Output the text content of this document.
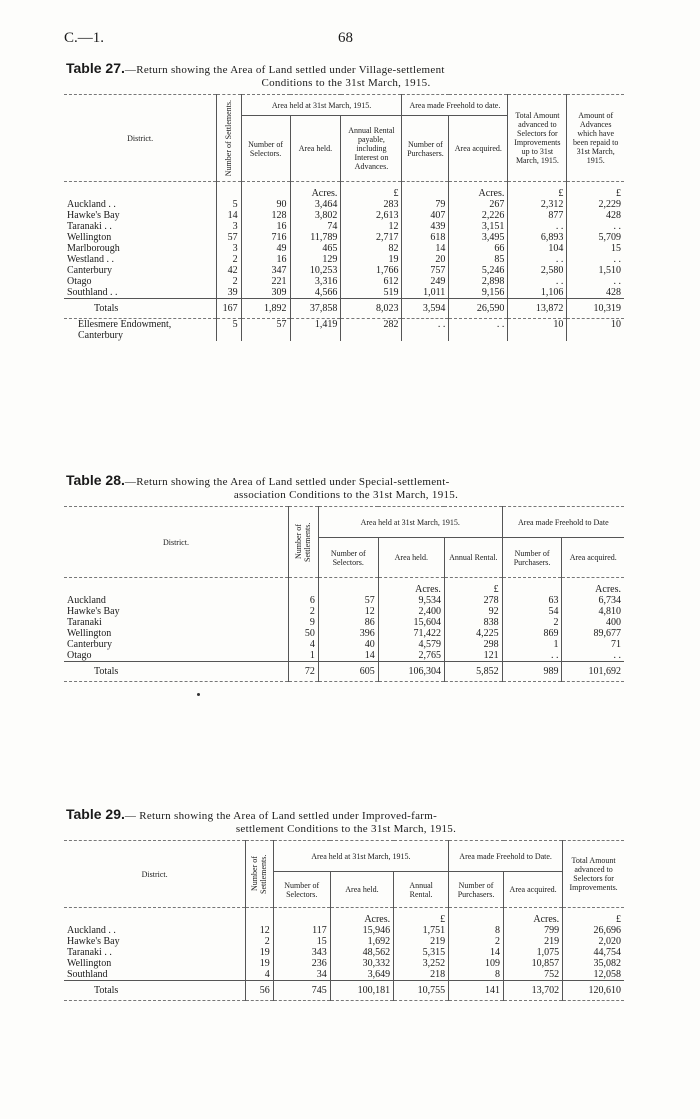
C.—1.	68
Table 27.—Return showing the Area of Land settled under Village-settlement
Conditions to the 31st March, 1915.
District.	Number of Settlements.	Area held at 31st March, 1915.			Area made Freehold to date.		Total Amount advanced to Selectors for Improvements up to 31st March, 1915.	Amount of Advances which have been repaid to 31st March, 1915.
		Number of Selectors.	Area held.	Annual Rental payable, including Interest on Advances.	Number of Purchasers.	Area acquired.		
			Acres.	£		Acres.	£	£
Auckland . .	5	90	3,464	283	79	267	2,312	2,229
Hawke's Bay	14	128	3,802	2,613	407	2,226	877	428
Taranaki . .	3	16	74	12	439	3,151	. .	. .
Wellington	57	716	11,789	2,717	618	3,495	6,893	5,709
Marlborough	3	49	465	82	14	66	104	15
Westland . .	2	16	129	19	20	85	. .	. .
Canterbury	42	347	10,253	1,766	757	5,246	2,580	1,510
Otago	2	221	3,316	612	249	2,898	. .	. .
Southland . .	39	309	4,566	519	1,011	9,156	1,106	428
Totals	167	1,892	37,858	8,023	3,594	26,590	13,872	10,319
Ellesmere Endowment, Canterbury	5	57	1,419	282	. .	. .	10	10
Table 28.—Return showing the Area of Land settled under Special-settlement-
association Conditions to the 31st March, 1915.
District.	Number of Settlements.	Area held at 31st March, 1915.			Area made Freehold to Date	
		Number of Selectors.	Area held.	Annual Rental.	Number of Purchasers.	Area acquired.
			Acres.	£		Acres.
Auckland	6	57	9,534	278	63	6,734
Hawke's Bay	2	12	2,400	92	54	4,810
Taranaki	9	86	15,604	838	2	400
Wellington	50	396	71,422	4,225	869	89,677
Canterbury	4	40	4,579	298	1	71
Otago	1	14	2,765	121	. .	. .
Totals	72	605	106,304	5,852	989	101,692
Table 29.— Return showing the Area of Land settled under Improved-farm-
settlement Conditions to the 31st March, 1915.
District.	Number of Settlements.	Area held at 31st March, 1915.			Area made Freehold to Date.		Total Amount advanced to Selectors for Improvements.
		Number of Selectors.	Area held.	Annual Rental.	Number of Purchasers.	Area acquired.	
			Acres.	£		Acres.	£
Auckland . .	12	117	15,946	1,751	8	799	26,696
Hawke's Bay	2	15	1,692	219	2	219	2,020
Taranaki . .	19	343	48,562	5,315	14	1,075	44,754
Wellington	19	236	30,332	3,252	109	10,857	35,082
Southland	4	34	3,649	218	8	752	12,058
Totals	56	745	100,181	10,755	141	13,702	120,610
